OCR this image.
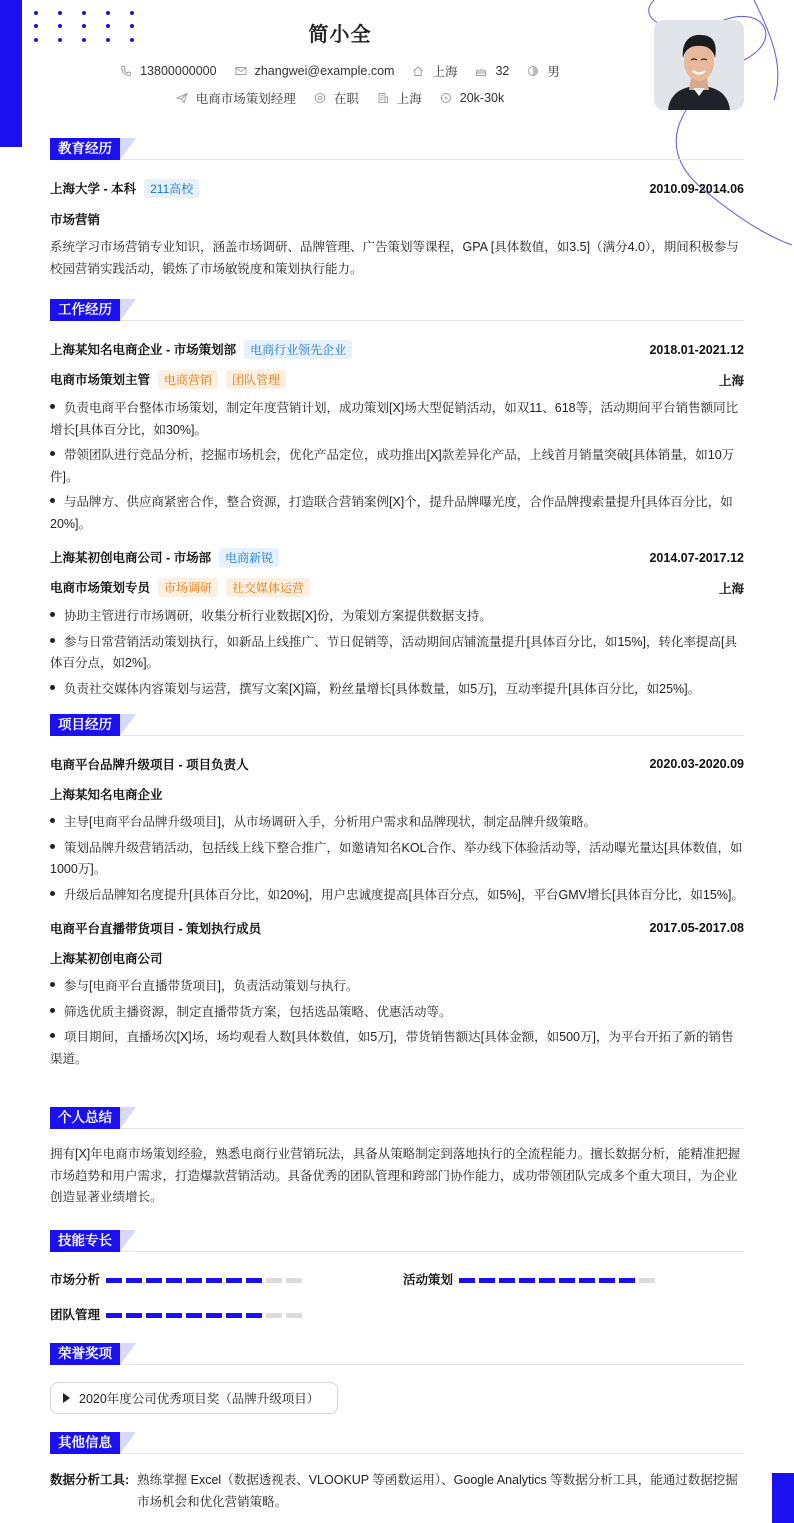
简小全
13800000000	zhangwei@example.com	上海	32	男
电商市场策划经理	在职	上海	20k-30k
教育经历
上海大学 - 本科 211高校	2010.09-2014.06
市场营销
系统学习市场营销专业知识，涵盖市场调研、品牌管理、广告策划等课程，GPA [具体数值，如3.5]（满分4.0），期间积极参与校园营销实践活动，锻炼了市场敏锐度和策划执行能力。
工作经历
上海某知名电商企业 - 市场策划部 电商行业领先企业	2018.01-2021.12
电商市场策划主管 电商营销 团队管理	上海
负责电商平台整体市场策划，制定年度营销计划，成功策划[X]场大型促销活动，如双11、618等，活动期间平台销售额同比增长[具体百分比，如30%]。
带领团队进行竞品分析，挖掘市场机会，优化产品定位，成功推出[X]款差异化产品，上线首月销量突破[具体销量，如10万件]。
与品牌方、供应商紧密合作，整合资源，打造联合营销案例[X]个，提升品牌曝光度，合作品牌搜索量提升[具体百分比，如20%]。
上海某初创电商公司 - 市场部 电商新锐	2014.07-2017.12
电商市场策划专员 市场调研 社交媒体运营	上海
协助主管进行市场调研，收集分析行业数据[X]份，为策划方案提供数据支持。
参与日常营销活动策划执行，如新品上线推广、节日促销等，活动期间店铺流量提升[具体百分比，如15%]，转化率提高[具体百分点，如2%]。
负责社交媒体内容策划与运营，撰写文案[X]篇，粉丝量增长[具体数量，如5万]，互动率提升[具体百分比，如25%]。
项目经历
电商平台品牌升级项目 - 项目负责人	2020.03-2020.09
上海某知名电商企业
主导[电商平台品牌升级项目]，从市场调研入手，分析用户需求和品牌现状，制定品牌升级策略。
策划品牌升级营销活动，包括线上线下整合推广，如邀请知名KOL合作、举办线下体验活动等，活动曝光量达[具体数值，如1000万]。
升级后品牌知名度提升[具体百分比，如20%]，用户忠诚度提高[具体百分点，如5%]，平台GMV增长[具体百分比，如15%]。
电商平台直播带货项目 - 策划执行成员	2017.05-2017.08
上海某初创电商公司
参与[电商平台直播带货项目]，负责活动策划与执行。
筛选优质主播资源，制定直播带货方案，包括选品策略、优惠活动等。
项目期间，直播场次[X]场，场均观看人数[具体数值，如5万]，带货销售额达[具体金额，如500万]，为平台开拓了新的销售渠道。
个人总结
拥有[X]年电商市场策划经验，熟悉电商行业营销玩法，具备从策略制定到落地执行的全流程能力。擅长数据分析，能精准把握市场趋势和用户需求，打造爆款营销活动。具备优秀的团队管理和跨部门协作能力，成功带领团队完成多个重大项目，为企业创造显著业绩增长。
技能专长
市场分析	活动策划
团队管理
荣誉奖项
2020年度公司优秀项目奖（品牌升级项目）
其他信息
数据分析工具: 熟练掌握 Excel（数据透视表、VLOOKUP 等函数运用）、Google Analytics 等数据分析工具，能通过数据挖掘市场机会和优化营销策略。
